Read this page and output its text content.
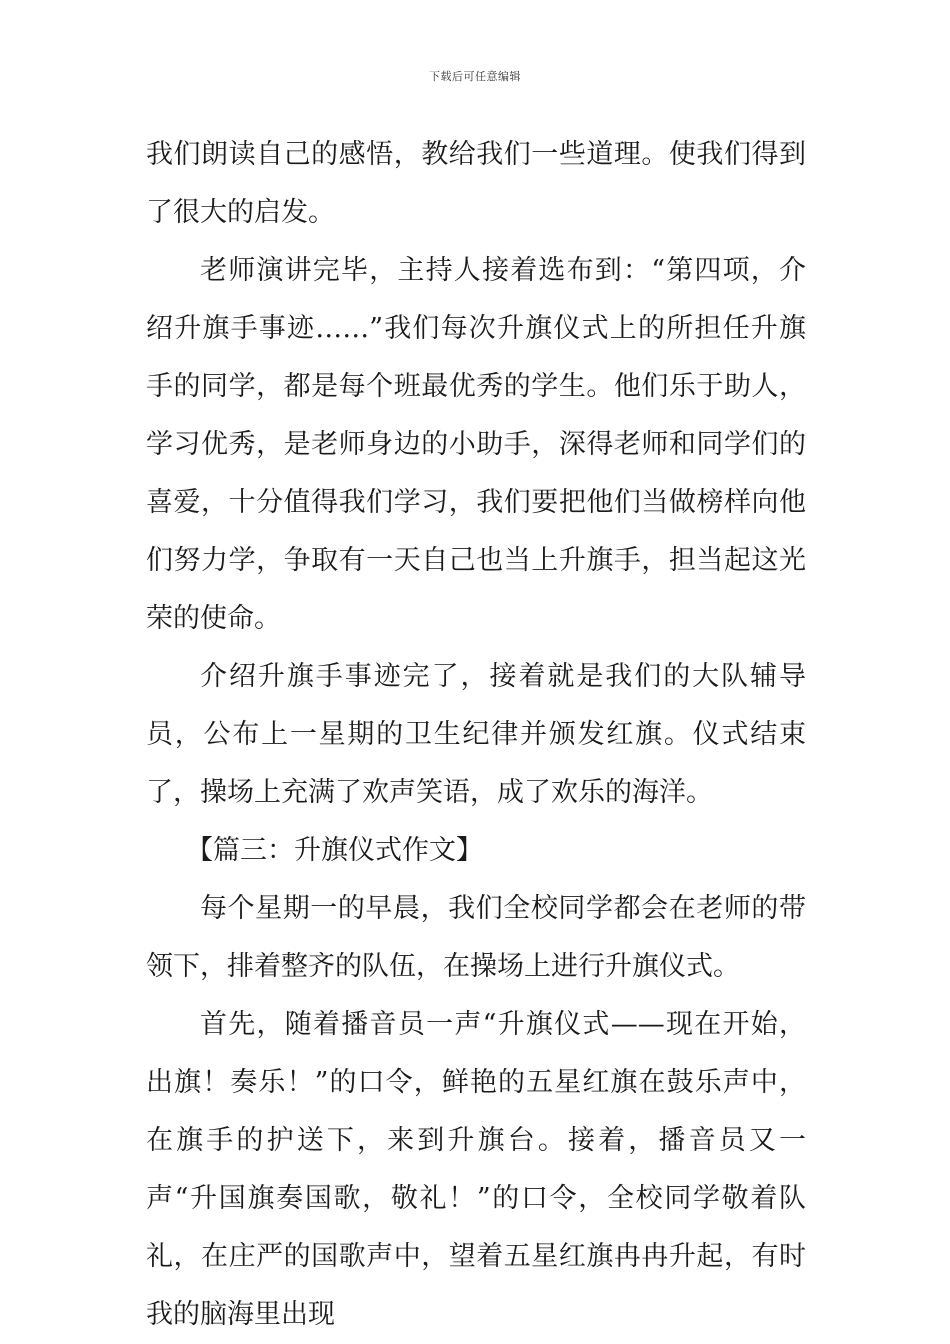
下载后可任意编辑

我们朗读自己的感悟，教给我们一些道理。使我们得到了很大的启发。

老师演讲完毕，主持人接着选布到：“第四项，介绍升旗手事迹……”我们每次升旗仪式上的所担任升旗手的同学，都是每个班最优秀的学生。他们乐于助人，学习优秀，是老师身边的小助手，深得老师和同学们的喜爱，十分值得我们学习，我们要把他们当做榜样向他们努力学，争取有一天自己也当上升旗手，担当起这光荣的使命。

介绍升旗手事迹完了，接着就是我们的大队辅导员，公布上一星期的卫生纪律并颁发红旗。仪式结束了，操场上充满了欢声笑语，成了欢乐的海洋。

【篇三：升旗仪式作文】

每个星期一的早晨，我们全校同学都会在老师的带领下，排着整齐的队伍，在操场上进行升旗仪式。

首先，随着播音员一声“升旗仪式——现在开始，出旗！奏乐！”的口令，鲜艳的五星红旗在鼓乐声中，在旗手的护送下，来到升旗台。接着，播音员又一声“升国旗奏国歌，敬礼！”的口令，全校同学敬着队礼，在庄严的国歌声中，望着五星红旗冉冉升起，有时我的脑海里出现
